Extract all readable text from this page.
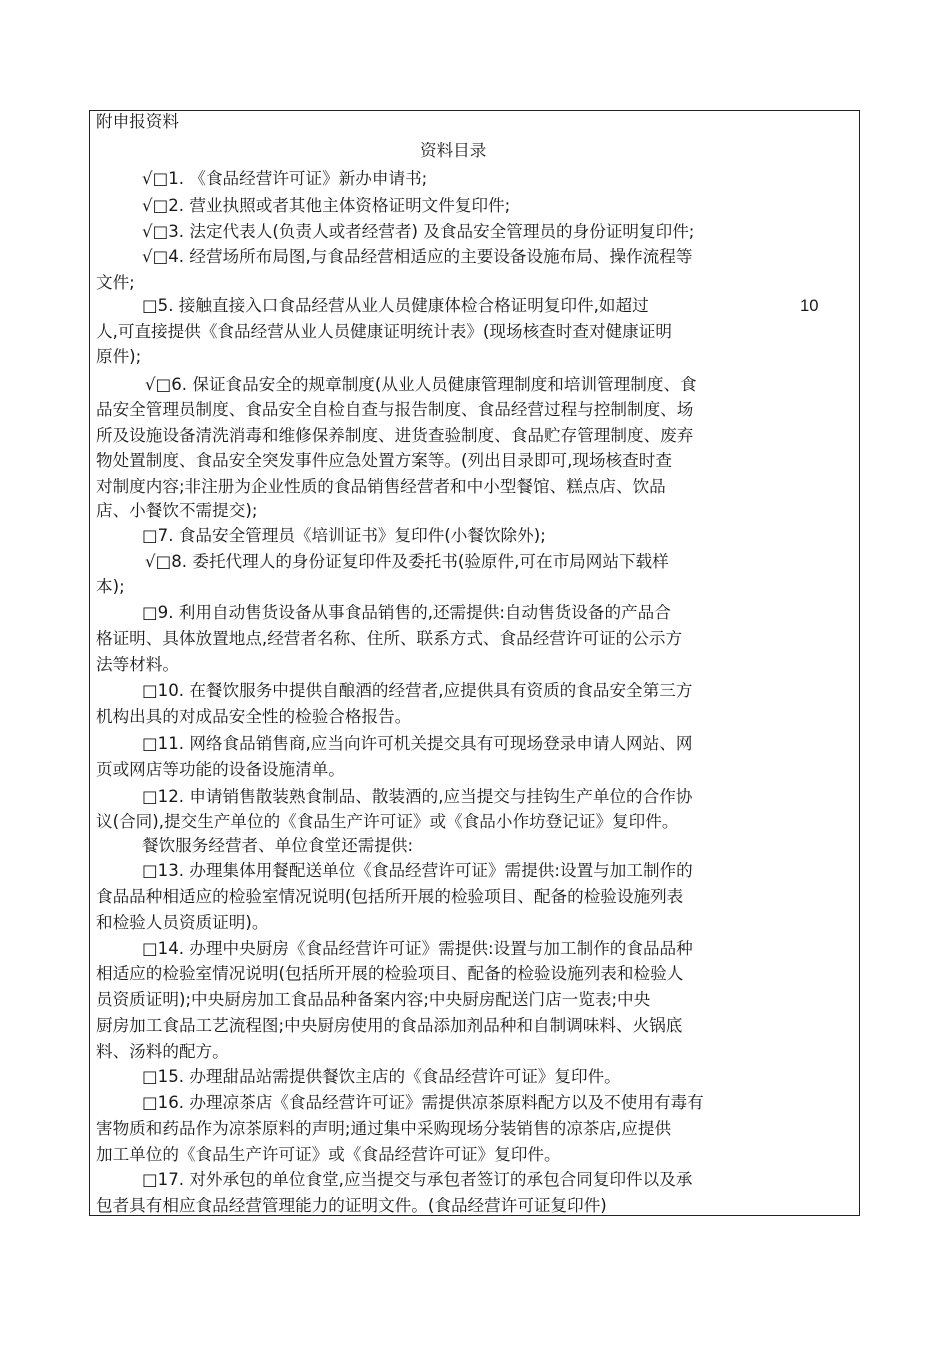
附申报资料
资料目录
10
√□1. 《食品经营许可证》新办申请书;
√□2. 营业执照或者其他主体资格证明文件复印件;
√□3. 法定代表人(负责人或者经营者) 及食品安全管理员的身份证明复印件;
√□4. 经营场所布局图,与食品经营相适应的主要设备设施布局、操作流程等
文件;
□5. 接触直接入口食品经营从业人员健康体检合格证明复印件,如超过
人,可直接提供《食品经营从业人员健康证明统计表》(现场核查时查对健康证明
原件);
√□6. 保证食品安全的规章制度(从业人员健康管理制度和培训管理制度、食
品安全管理员制度、食品安全自检自查与报告制度、食品经营过程与控制制度、场
所及设施设备清洗消毒和维修保养制度、进货查验制度、食品贮存管理制度、废弃
物处置制度、食品安全突发事件应急处置方案等。(列出目录即可,现场核查时查
对制度内容;非注册为企业性质的食品销售经营者和中小型餐馆、糕点店、饮品
店、小餐饮不需提交);
□7. 食品安全管理员《培训证书》复印件(小餐饮除外);
√□8. 委托代理人的身份证复印件及委托书(验原件,可在市局网站下载样
本);
□9. 利用自动售货设备从事食品销售的,还需提供:自动售货设备的产品合
格证明、具体放置地点,经营者名称、住所、联系方式、食品经营许可证的公示方
法等材料。
□10. 在餐饮服务中提供自酿酒的经营者,应提供具有资质的食品安全第三方
机构出具的对成品安全性的检验合格报告。
□11. 网络食品销售商,应当向许可机关提交具有可现场登录申请人网站、网
页或网店等功能的设备设施清单。
□12. 申请销售散装熟食制品、散装酒的,应当提交与挂钩生产单位的合作协
议(合同),提交生产单位的《食品生产许可证》或《食品小作坊登记证》复印件。
餐饮服务经营者、单位食堂还需提供:
□13. 办理集体用餐配送单位《食品经营许可证》需提供:设置与加工制作的
食品品种相适应的检验室情况说明(包括所开展的检验项目、配备的检验设施列表
和检验人员资质证明)。
□14. 办理中央厨房《食品经营许可证》需提供:设置与加工制作的食品品种
相适应的检验室情况说明(包括所开展的检验项目、配备的检验设施列表和检验人
员资质证明);中央厨房加工食品品种备案内容;中央厨房配送门店一览表;中央
厨房加工食品工艺流程图;中央厨房使用的食品添加剂品种和自制调味料、火锅底
料、汤料的配方。
□15. 办理甜品站需提供餐饮主店的《食品经营许可证》复印件。
□16. 办理凉茶店《食品经营许可证》需提供凉茶原料配方以及不使用有毒有
害物质和药品作为凉茶原料的声明;通过集中采购现场分装销售的凉茶店,应提供
加工单位的《食品生产许可证》或《食品经营许可证》复印件。
□17. 对外承包的单位食堂,应当提交与承包者签订的承包合同复印件以及承
包者具有相应食品经营管理能力的证明文件。(食品经营许可证复印件)
